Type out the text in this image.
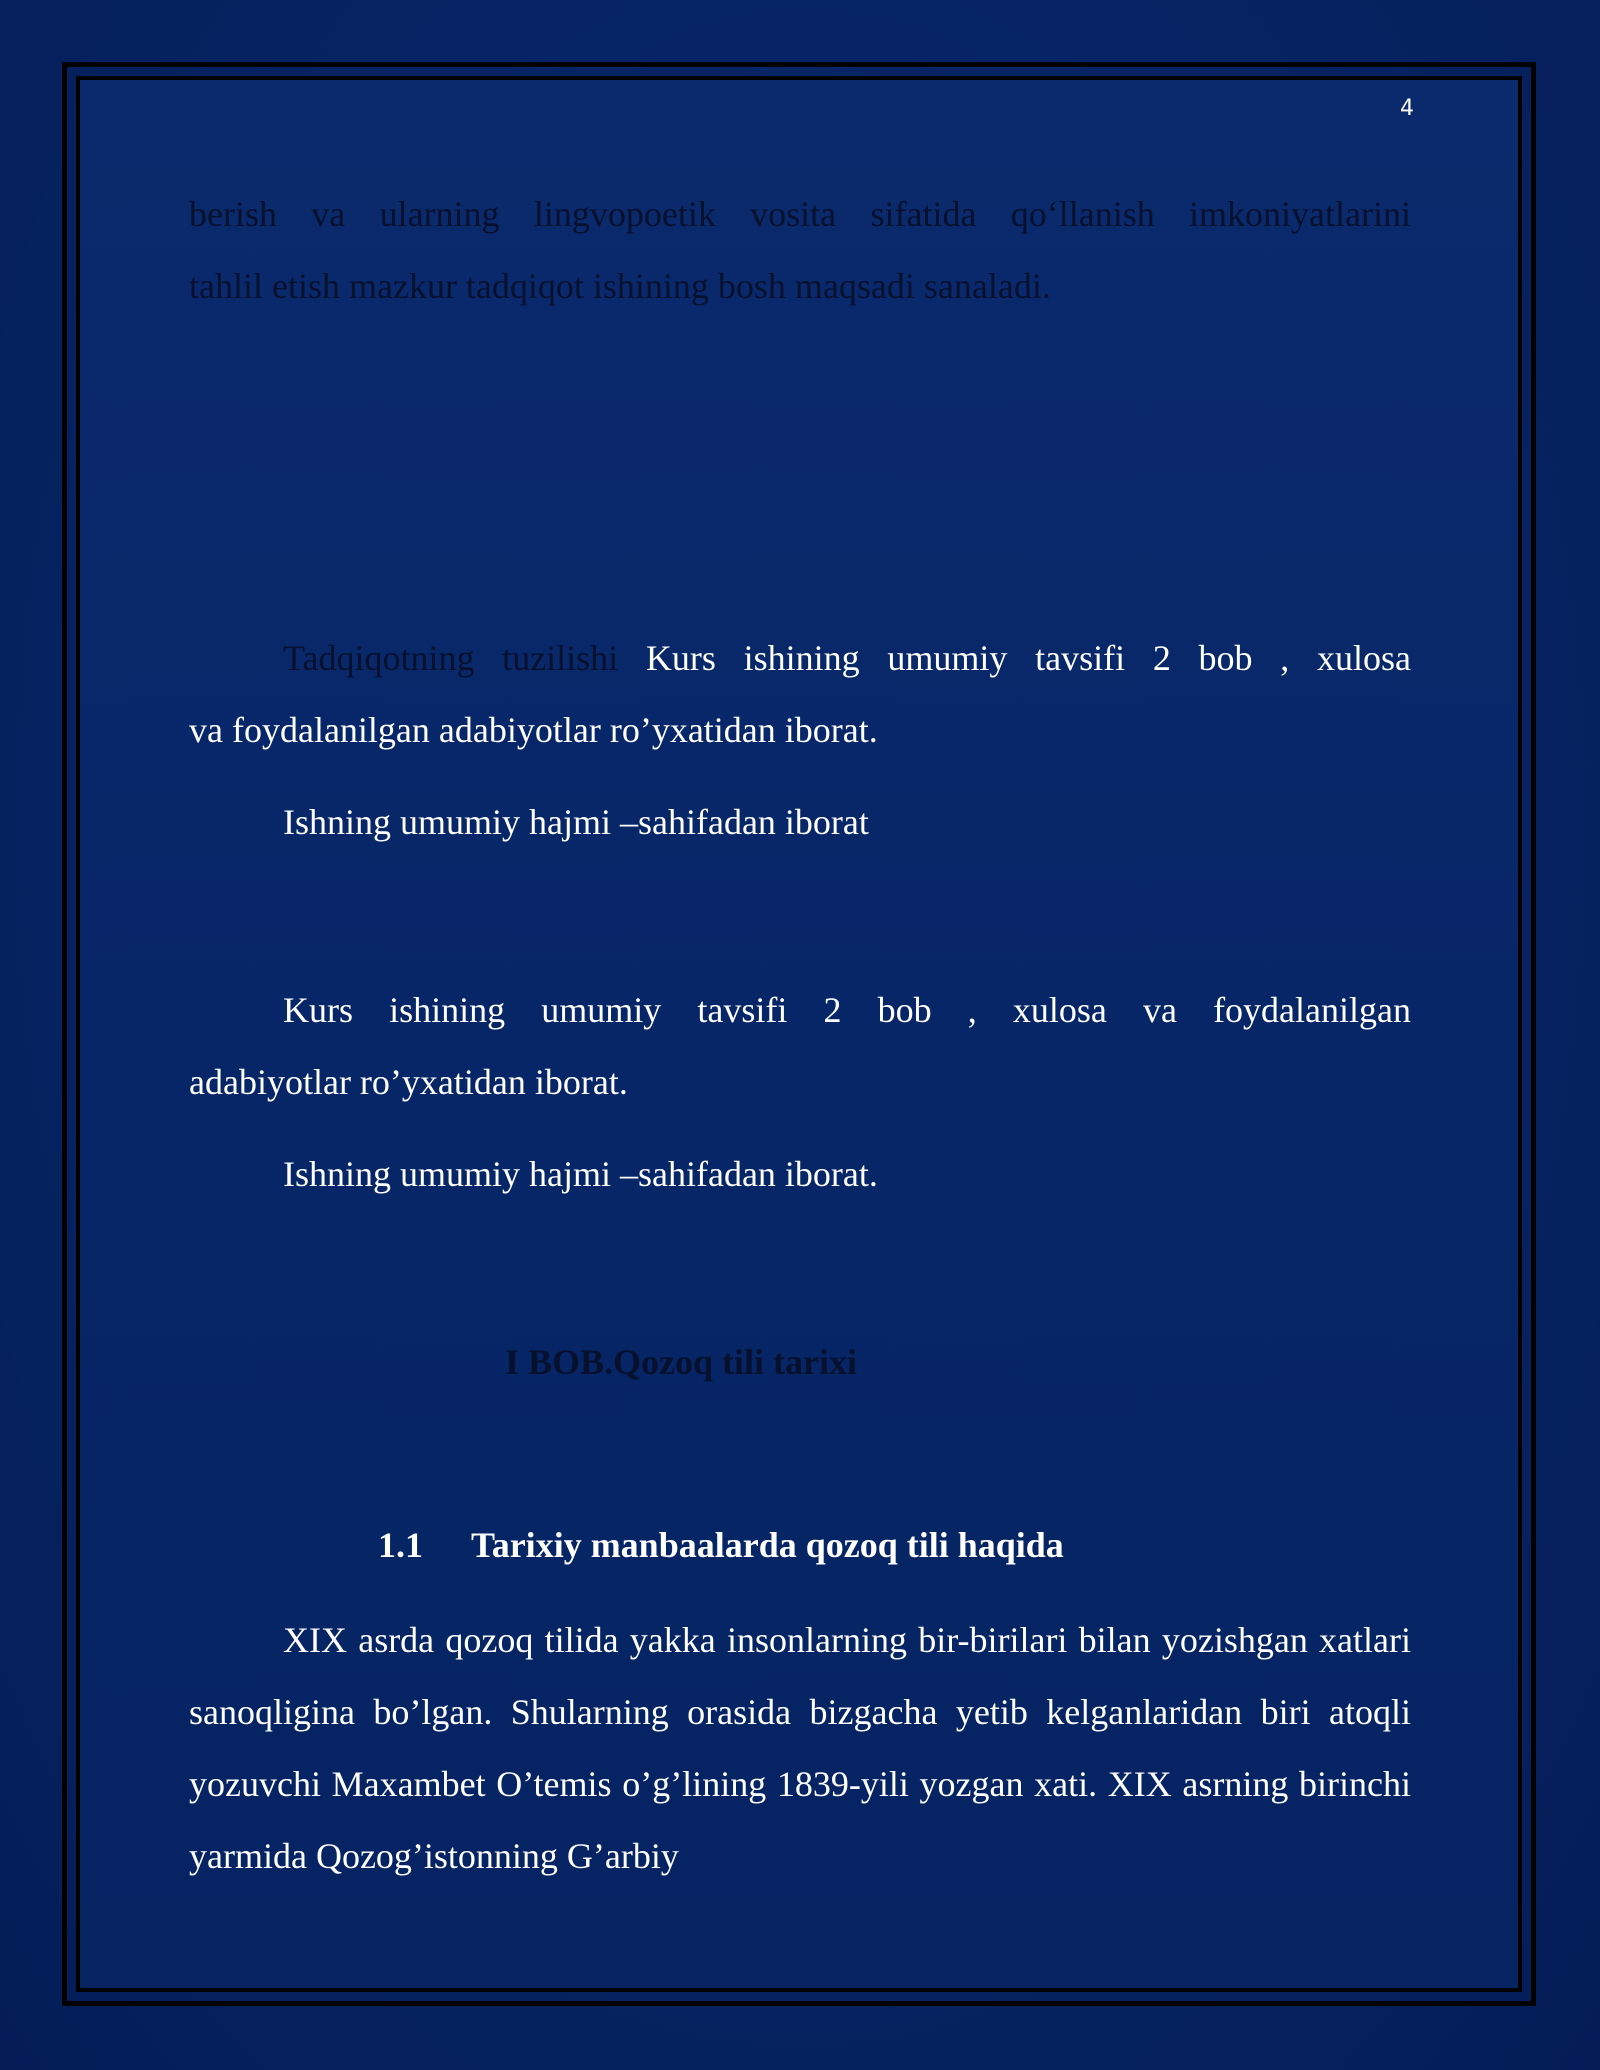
4

berish va ularning lingvopoetik vosita sifatida qo‘llanish imkoniyatlarini

tahlil etish mazkur tadqiqot ishining bosh maqsadi sanaladi.

Tadqiqotning tuzilishi Kurs ishining umumiy tavsifi 2 bob , xulosa

va foydalanilgan adabiyotlar ro’yxatidan iborat.

Ishning umumiy hajmi –sahifadan iborat

Kurs ishining umumiy tavsifi 2 bob , xulosa va foydalanilgan

adabiyotlar ro’yxatidan iborat.

Ishning umumiy hajmi –sahifadan iborat.

I BOB.Qozoq tili tarixi
1.1 Tarixiy manbaalarda qozoq tili haqida

XIX asrda qozoq tilida yakka insonlarning bir-birilari bilan yozishgan xatlari sanoqligina bo’lgan. Shularning orasida bizgacha yetib kelganlaridan biri atoqli yozuvchi Maxambet O’temis o’g’lining 1839-yili yozgan xati. XIX asrning birinchi yarmida Qozog’istonning G’arbiy
